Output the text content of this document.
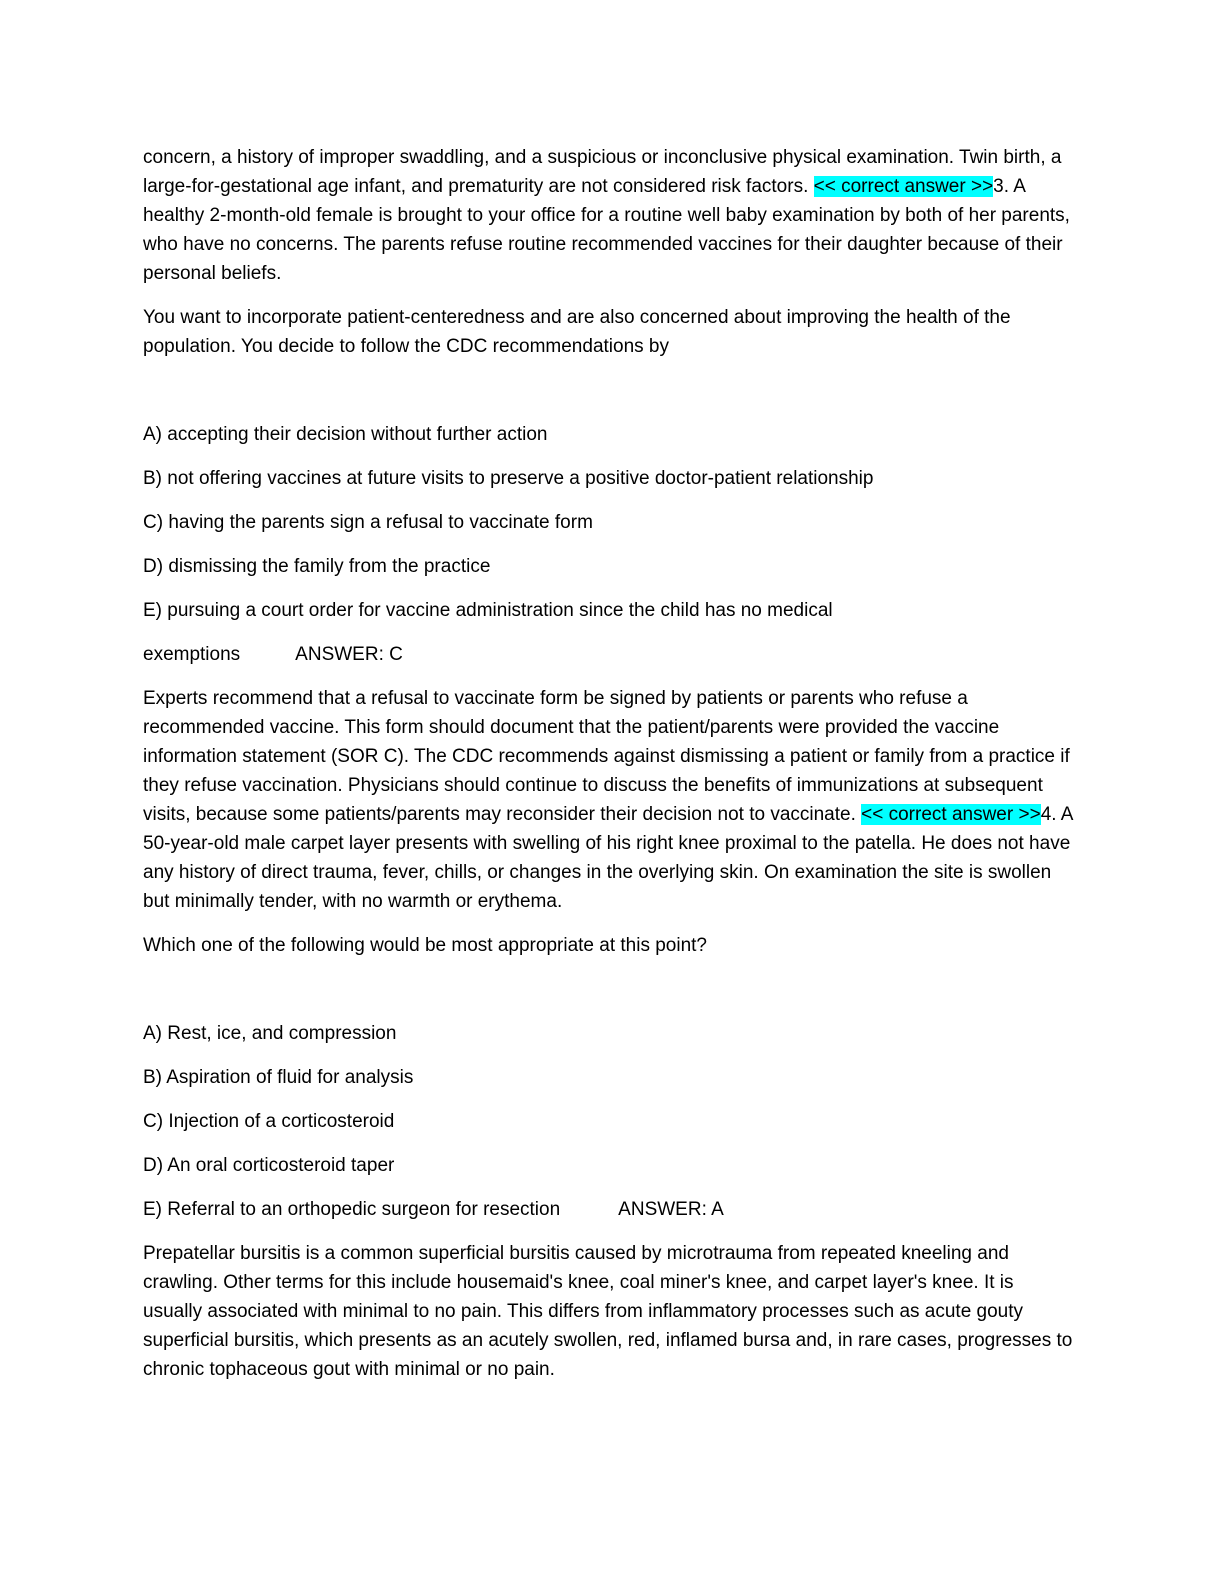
concern, a history of improper swaddling, and a suspicious or inconclusive physical examination. Twin birth, a large-for-gestational age infant, and prematurity are not considered risk factors. << correct answer >>3. A healthy 2-month-old female is brought to your office for a routine well baby examination by both of her parents, who have no concerns. The parents refuse routine recommended vaccines for their daughter because of their personal beliefs.

You want to incorporate patient-centeredness and are also concerned about improving the health of the population. You decide to follow the CDC recommendations by

A) accepting their decision without further action

B) not offering vaccines at future visits to preserve a positive doctor-patient relationship

C) having the parents sign a refusal to vaccinate form

D) dismissing the family from the practice

E) pursuing a court order for vaccine administration since the child has no medical

exemptions	ANSWER: C

Experts recommend that a refusal to vaccinate form be signed by patients or parents who refuse a recommended vaccine. This form should document that the patient/parents were provided the vaccine information statement (SOR C). The CDC recommends against dismissing a patient or family from a practice if they refuse vaccination. Physicians should continue to discuss the benefits of immunizations at subsequent visits, because some patients/parents may reconsider their decision not to vaccinate. << correct answer >>4. A 50-year-old male carpet layer presents with swelling of his right knee proximal to the patella. He does not have any history of direct trauma, fever, chills, or changes in the overlying skin. On examination the site is swollen but minimally tender, with no warmth or erythema.

Which one of the following would be most appropriate at this point?

A) Rest, ice, and compression

B) Aspiration of fluid for analysis

C) Injection of a corticosteroid

D) An oral corticosteroid taper

E) Referral to an orthopedic surgeon for resection	ANSWER: A

Prepatellar bursitis is a common superficial bursitis caused by microtrauma from repeated kneeling and crawling. Other terms for this include housemaid's knee, coal miner's knee, and carpet layer's knee. It is usually associated with minimal to no pain. This differs from inflammatory processes such as acute gouty superficial bursitis, which presents as an acutely swollen, red, inflamed bursa and, in rare cases, progresses to chronic tophaceous gout with minimal or no pain.
